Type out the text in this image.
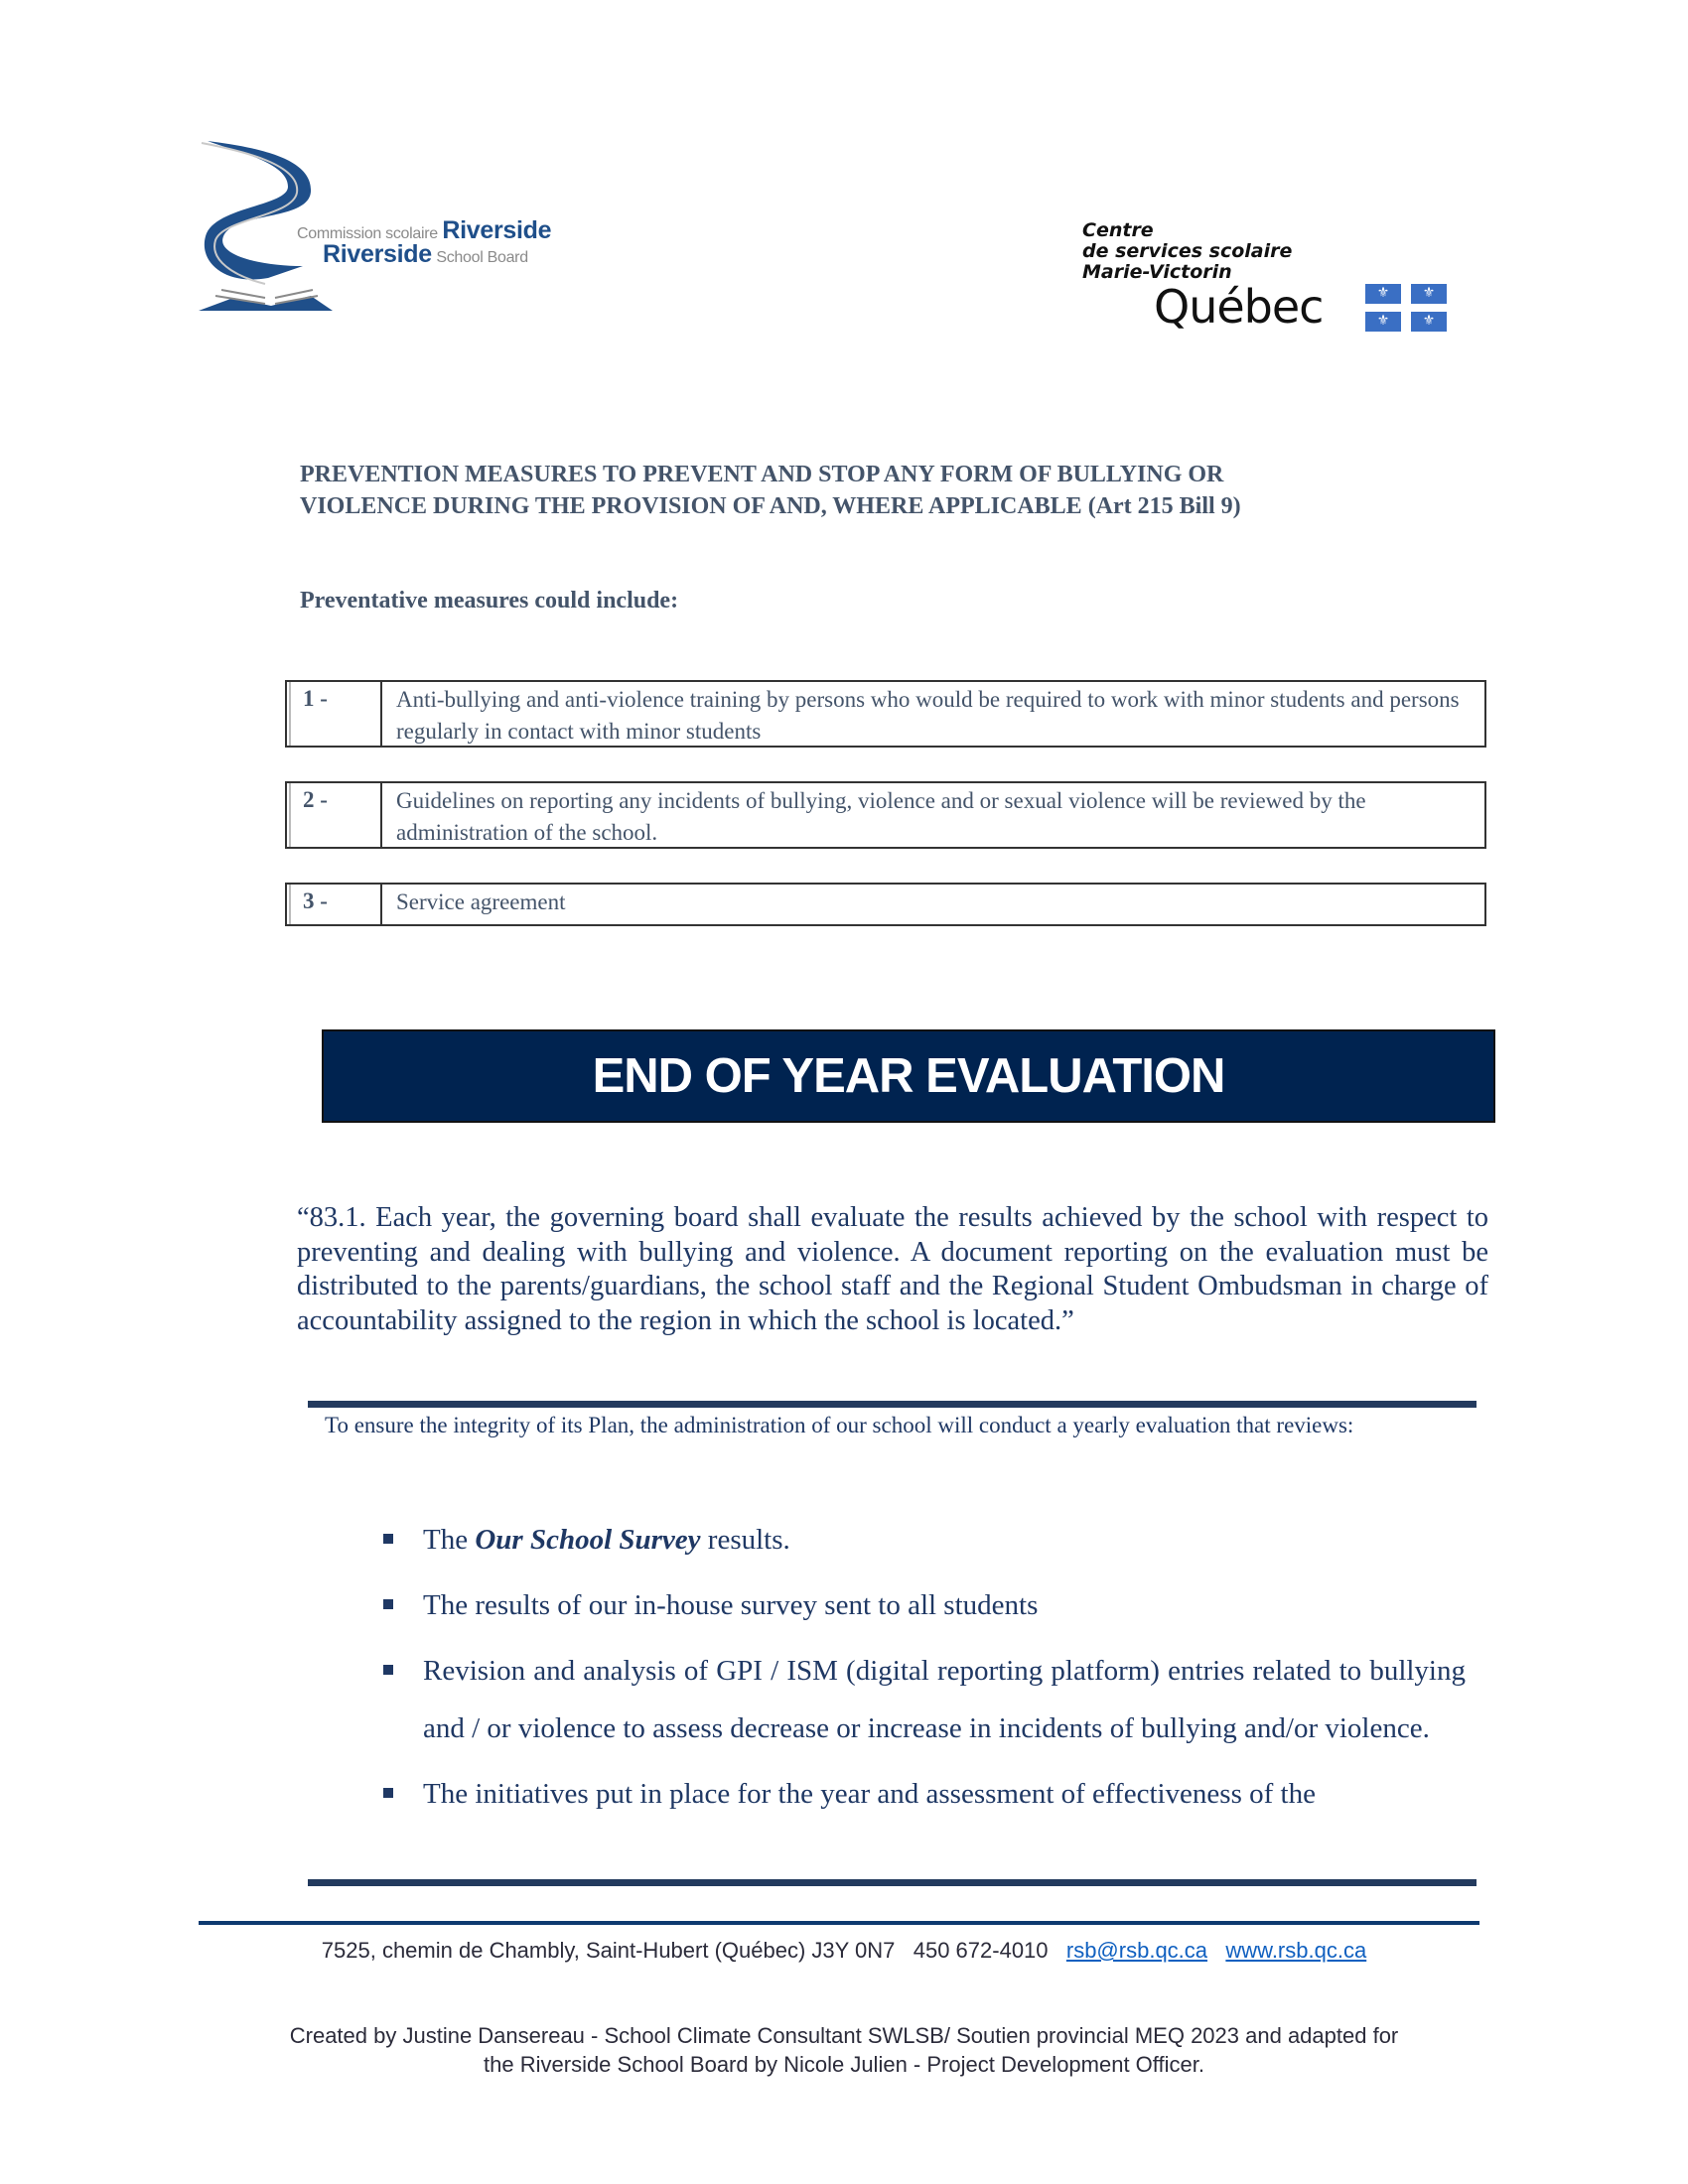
Commission scolaire Riverside
Riverside School Board
Centre
de services scolaire
Marie-Victorin
Québec	⚜	⚜
⚜	⚜
PREVENTION MEASURES TO PREVENT AND STOP ANY FORM OF BULLYING OR
VIOLENCE DURING THE PROVISION OF AND, WHERE APPLICABLE (Art 215 Bill 9)
Preventative measures could include:
1 -	Anti-bullying and anti-violence training by persons who would be required to work with minor students and persons regularly in contact with minor students
2 -	Guidelines on reporting any incidents of bullying, violence and or sexual violence will be reviewed by the administration of the school.
3 -	Service agreement
END OF YEAR EVALUATION
“83.1. Each year, the governing board shall evaluate the results achieved by the school with respect to preventing and dealing with bullying and violence. A document reporting on the evaluation must be distributed to the parents/guardians, the school staff and the Regional Student Ombudsman in charge of accountability assigned to the region in which the school is located.”
To ensure the integrity of its Plan, the administration of our school will conduct a yearly evaluation that reviews:
The Our School Survey results.
The results of our in-house survey sent to all students
Revision and analysis of GPI / ISM (digital reporting platform) entries related to bullying and / or violence to assess decrease or increase in incidents of bullying and/or violence.
The initiatives put in place for the year and assessment of effectiveness of the
7525, chemin de Chambly, Saint-Hubert (Québec) J3Y 0N7 450 672-4010 rsb@rsb.qc.ca www.rsb.qc.ca
Created by Justine Dansereau - School Climate Consultant SWLSB/ Soutien provincial MEQ 2023 and adapted for
the Riverside School Board by Nicole Julien - Project Development Officer.
